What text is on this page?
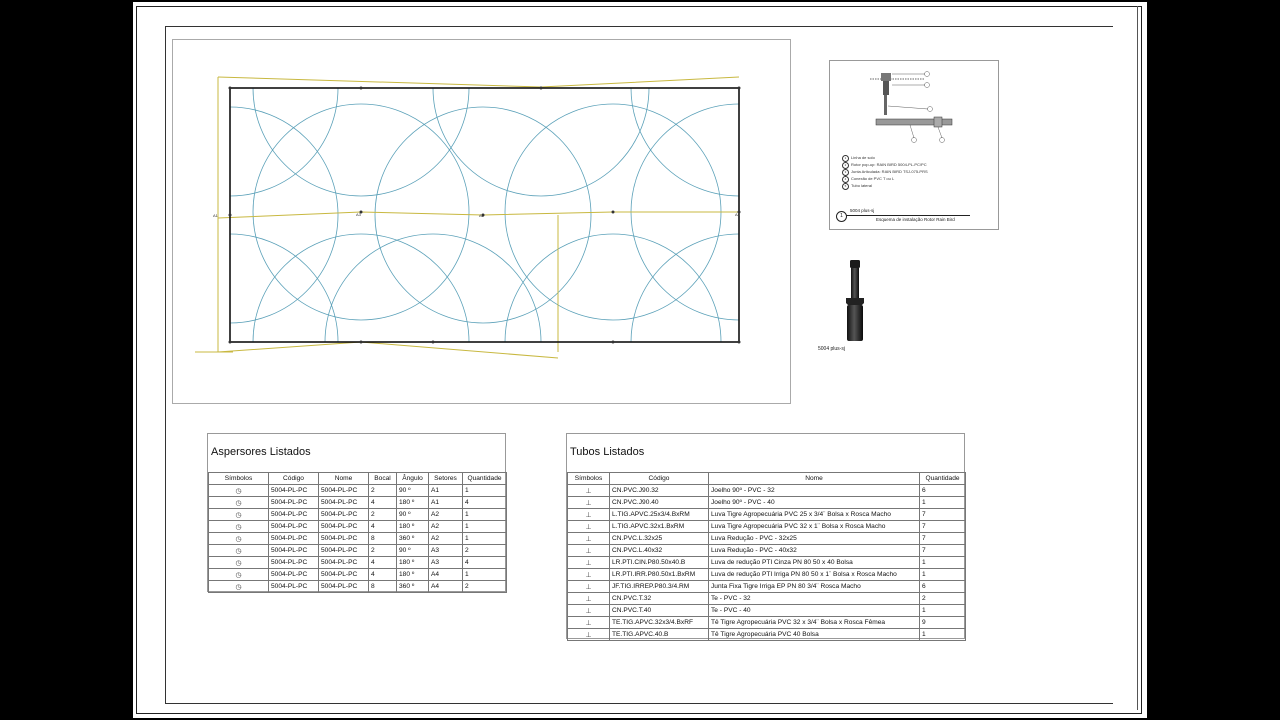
A1	A2
A3	A4
1 Linha de solo
2 Rotor pop-up: RAIN BIRD 5004-PL-PC/PC
3 Junta Articulada: RAIN BIRD TSJ-075-PRS
4 Conexão de PVC T ou L
5 Tubo lateral
1
5004 plus-sj
Esquema de instalação Rotor Rain Bird
5004 plus-sj
Aspersores Listados
Símbolos	Código	Nome	Bocal	Ângulo	Setores	Quantidade
◷	5004-PL-PC	5004-PL-PC	2	90 º	A1	1
◷	5004-PL-PC	5004-PL-PC	4	180 º	A1	4
◷	5004-PL-PC	5004-PL-PC	2	90 º	A2	1
◷	5004-PL-PC	5004-PL-PC	4	180 º	A2	1
◷	5004-PL-PC	5004-PL-PC	8	360 º	A2	1
◷	5004-PL-PC	5004-PL-PC	2	90 º	A3	2
◷	5004-PL-PC	5004-PL-PC	4	180 º	A3	4
◷	5004-PL-PC	5004-PL-PC	4	180 º	A4	1
◷	5004-PL-PC	5004-PL-PC	8	360 º	A4	2
Tubos Listados
Símbolos	Código	Nome	Quantidade
⊥	CN.PVC.J90.32	Joelho 90º - PVC - 32	6
⊥	CN.PVC.J90.40	Joelho 90º - PVC - 40	1
⊥	L.TIG.APVC.25x3/4.BxRM	Luva Tigre Agropecuária PVC 25 x 3/4¨ Bolsa x Rosca Macho	7
⊥	L.TIG.APVC.32x1.BxRM	Luva Tigre Agropecuária PVC 32 x 1¨ Bolsa x Rosca Macho	7
⊥	CN.PVC.L.32x25	Luva Redução - PVC - 32x25	7
⊥	CN.PVC.L.40x32	Luva Redução - PVC - 40x32	7
⊥	LR.PTI.CIN.P80.50x40.B	Luva de redução PTI Cinza PN 80 50 x 40 Bolsa	1
⊥	LR.PTI.IRR.P80.50x1.BxRM	Luva de redução PTI Irriga PN 80 50 x 1¨ Bolsa x Rosca Macho	1
⊥	JF.TIG.IRREP.P80.3/4.RM	Junta Fixa Tigre Irriga EP PN 80 3/4¨ Rosca Macho	6
⊥	CN.PVC.T.32	Te - PVC - 32	2
⊥	CN.PVC.T.40	Te - PVC - 40	1
⊥	TE.TIG.APVC.32x3/4.BxRF	Tê Tigre Agropecuária PVC 32 x 3/4¨ Bolsa x Rosca Fêmea	9
⊥	TE.TIG.APVC.40.B	Tê Tigre Agropecuária PVC 40 Bolsa	1
